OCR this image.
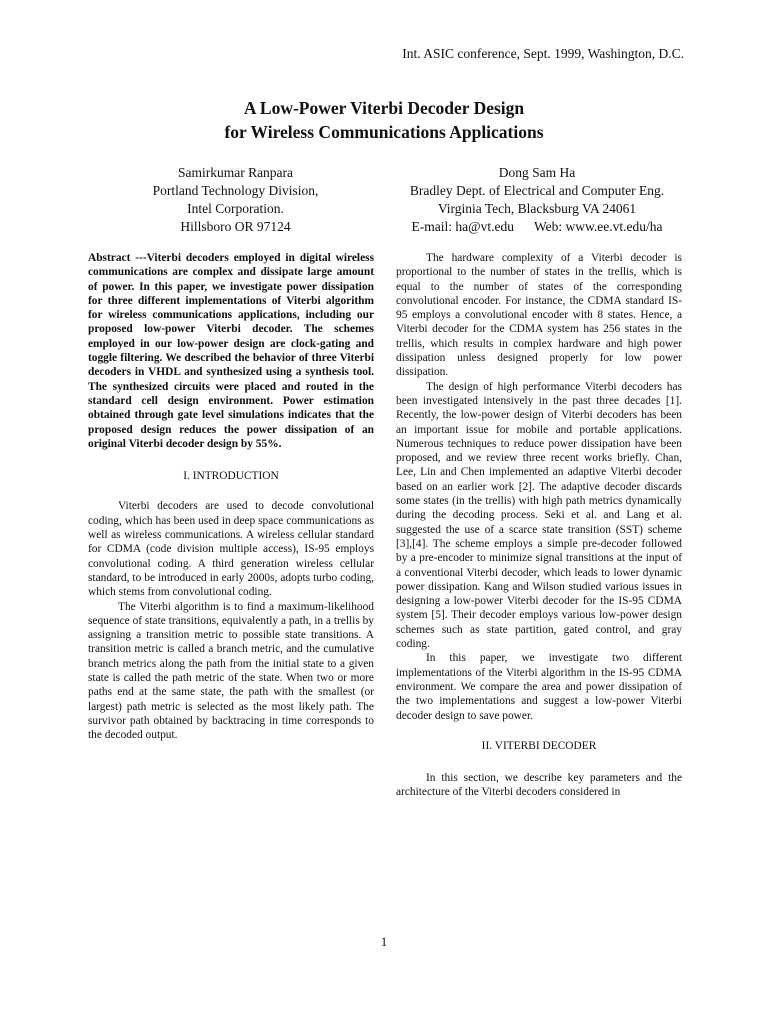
Int. ASIC conference, Sept. 1999, Washington, D.C.
A Low-Power Viterbi Decoder Design
for Wireless Communications Applications
Samirkumar Ranpara
Portland Technology Division,
Intel Corporation.
Hillsboro OR 97124
Dong Sam Ha
Bradley Dept. of Electrical and Computer Eng.
Virginia Tech, Blacksburg VA 24061
E-mail: ha@vt.edu      Web: www.ee.vt.edu/ha

Abstract ---Viterbi decoders employed in digital wireless communications are complex and dissipate large amount of power. In this paper, we investigate power dissipation for three different implementations of Viterbi algorithm for wireless communications applications, including our proposed low-power Viterbi decoder. The schemes employed in our low-power design are clock-gating and toggle filtering. We described the behavior of three Viterbi decoders in VHDL and synthesized using a synthesis tool. The synthesized circuits were placed and routed in the standard cell design environment. Power estimation obtained through gate level simulations indicates that the proposed design reduces the power dissipation of an original Viterbi decoder design by 55%.

I. INTRODUCTION

Viterbi decoders are used to decode convolutional coding, which has been used in deep space communications as well as wireless communications. A wireless cellular standard for CDMA (code division multiple access), IS-95 employs convolutional coding. A third generation wireless cellular standard, to be introduced in early 2000s, adopts turbo coding, which stems from convolutional coding.

The Viterbi algorithm is to find a maximum-likelihood sequence of state transitions, equivalently a path, in a trellis by assigning a transition metric to possible state transitions. A transition metric is called a branch metric, and the cumulative branch metrics along the path from the initial state to a given state is called the path metric of the state. When two or more paths end at the same state, the path with the smallest (or largest) path metric is selected as the most likely path. The survivor path obtained by backtracing in time corresponds to the decoded output.

The hardware complexity of a Viterbi decoder is proportional to the number of states in the trellis, which is equal to the number of states of the corresponding convolutional encoder. For instance, the CDMA standard IS-95 employs a convolutional encoder with 8 states. Hence, a Viterbi decoder for the CDMA system has 256 states in the trellis, which results in complex hardware and high power dissipation unless designed properly for low power dissipation.

The design of high performance Viterbi decoders has been investigated intensively in the past three decades [1]. Recently, the low-power design of Viterbi decoders has been an important issue for mobile and portable applications. Numerous techniques to reduce power dissipation have been proposed, and we review three recent works briefly. Chan, Lee, Lin and Chen implemented an adaptive Viterbi decoder based on an earlier work [2]. The adaptive decoder discards some states (in the trellis) with high path metrics dynamically during the decoding process. Seki et al. and Lang et al. suggested the use of a scarce state transition (SST) scheme [3],[4]. The scheme employs a simple pre-decoder followed by a pre-encoder to minimize signal transitions at the input of a conventional Viterbi decoder, which leads to lower dynamic power dissipation. Kang and Wilson studied various issues in designing a low-power Viterbi decoder for the IS-95 CDMA system [5]. Their decoder employs various low-power design schemes such as state partition, gated control, and gray coding.

In this paper, we investigate two different implementations of the Viterbi algorithm in the IS-95 CDMA environment. We compare the area and power dissipation of the two implementations and suggest a low-power Viterbi decoder design to save power.

II. VITERBI DECODER

In this section, we describe key parameters and the architecture of the Viterbi decoders considered in

1
